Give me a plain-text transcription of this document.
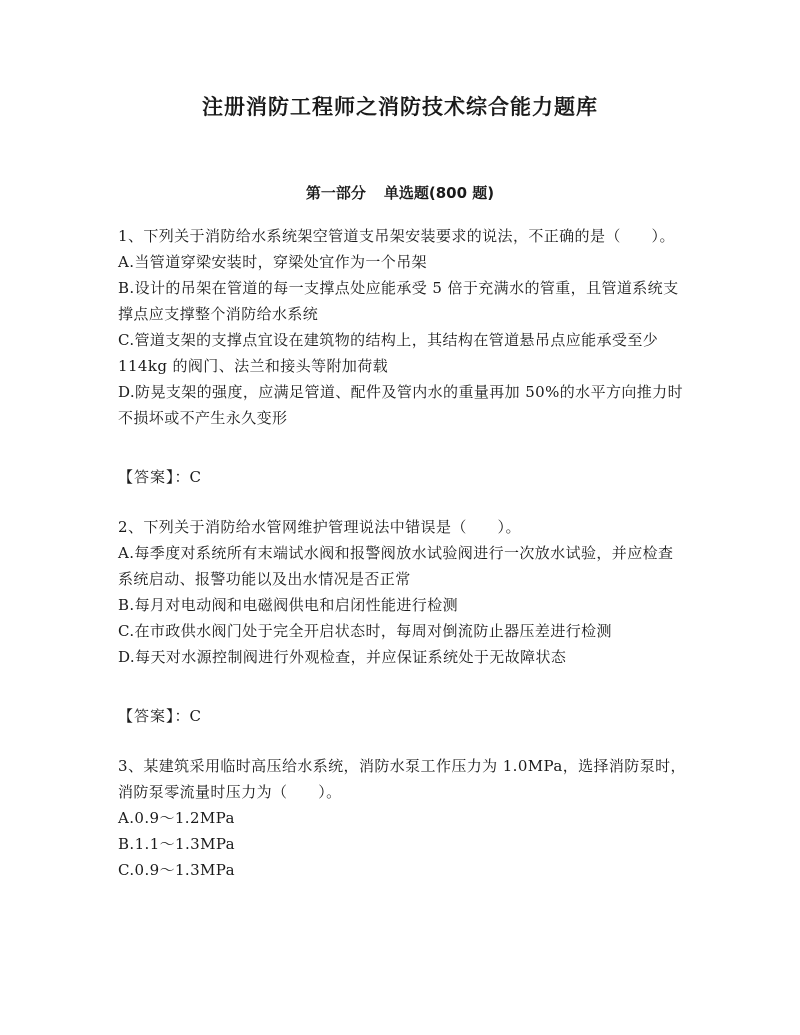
注册消防工程师之消防技术综合能力题库
第一部分 单选题(800 题)

1、下列关于消防给水系统架空管道支吊架安装要求的说法，不正确的是（　　）。

A.当管道穿梁安装时，穿梁处宜作为一个吊架

B.设计的吊架在管道的每一支撑点处应能承受 5 倍于充满水的管重，且管道系统支撑点应支撑整个消防给水系统

C.管道支架的支撑点宜设在建筑物的结构上，其结构在管道悬吊点应能承受至少 114kg 的阀门、法兰和接头等附加荷载

D.防晃支架的强度，应满足管道、配件及管内水的重量再加 50%的水平方向推力时不损坏或不产生永久变形

【答案】：C

2、下列关于消防给水管网维护管理说法中错误是（　　）。

A.每季度对系统所有末端试水阀和报警阀放水试验阀进行一次放水试验，并应检查系统启动、报警功能以及出水情况是否正常

B.每月对电动阀和电磁阀供电和启闭性能进行检测

C.在市政供水阀门处于完全开启状态时，每周对倒流防止器压差进行检测

D.每天对水源控制阀进行外观检查，并应保证系统处于无故障状态

【答案】：C

3、某建筑采用临时高压给水系统，消防水泵工作压力为 1.0MPa，选择消防泵时，消防泵零流量时压力为（　　）。

A.0.9～1.2MPa

B.1.1～1.3MPa

C.0.9～1.3MPa
